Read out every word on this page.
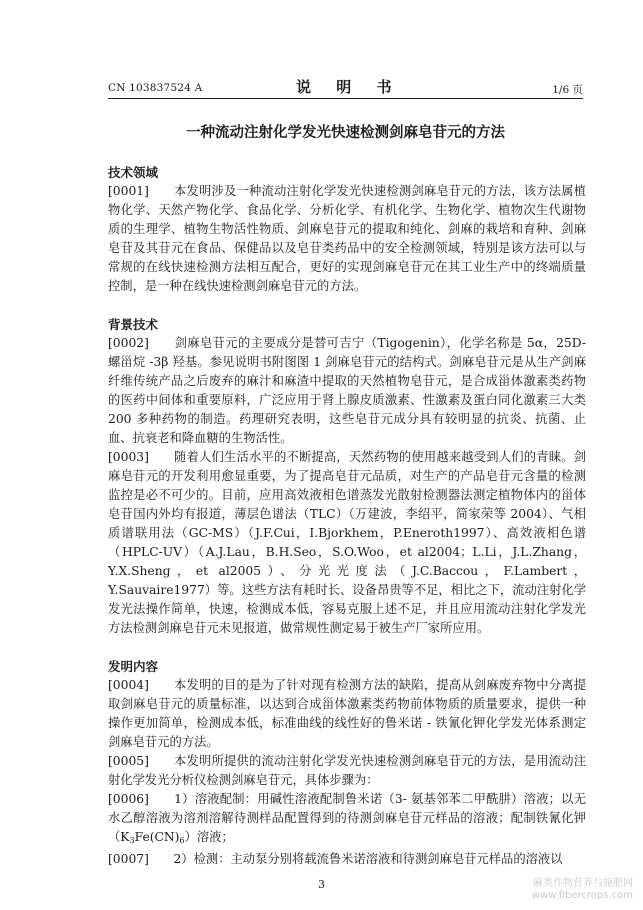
CN 103837524 A	说 明 书	1/6 页
一种流动注射化学发光快速检测剑麻皂苷元的方法

技术领域

[0001]　　本发明涉及一种流动注射化学发光快速检测剑麻皂苷元的方法，该方法属植物化学、天然产物化学、食品化学、分析化学、有机化学、生物化学、植物次生代谢物质的生理学、植物生物活性物质、剑麻皂苷元的提取和纯化、剑麻的栽培和育种、剑麻皂苷及其苷元在食品、保健品以及皂苷类药品中的安全检测领域，特别是该方法可以与常规的在线快速检测方法相互配合，更好的实现剑麻皂苷元在其工业生产中的终端质量控制，是一种在线快速检测剑麻皂苷元的方法。

背景技术

[0002]　　剑麻皂苷元的主要成分是替可吉宁（Tigogenin），化学名称是 5α，25D- 螺甾烷 -3β 羟基。参见说明书附图图 1 剑麻皂苷元的结构式。剑麻皂苷元是从生产剑麻纤维传统产品之后废弃的麻汁和麻渣中提取的天然植物皂苷元，是合成甾体激素类药物的医药中间体和重要原料，广泛应用于肾上腺皮质激素、性激素及蛋白同化激素三大类 200 多种药物的制造。药理研究表明，这些皂苷元成分具有较明显的抗炎、抗菌、止血、抗衰老和降血糖的生物活性。

[0003]　　随着人们生活水平的不断提高，天然药物的使用越来越受到人们的青睐。剑麻皂苷元的开发利用愈显重要，为了提高皂苷元品质，对生产的产品皂苷元含量的检测监控是必不可少的。目前，应用高效液相色谱蒸发光散射检测器法测定植物体内的甾体皂苷国内外均有报道，薄层色谱法（TLC）（万建波，李绍平，简家荣等 2004）、气相质谱联用法（GC-MS）（J.F.Cui，I.Bjorkhem，P.Eneroth1997）、高效液相色谱（HPLC-UV）（A.J.Lau，B.H.Seo，S.O.Woo，et al2004；L.Li，J.L.Zhang，Y.X.Sheng，et al2005）、分光光度法（J.C.Baccou，F.Lambert，Y.Sauvaire1977）等。这些方法有耗时长、设备昂贵等不足，相比之下，流动注射化学发光法操作简单，快速，检测成本低，容易克服上述不足，并且应用流动注射化学发光方法检测剑麻皂苷元未见报道，做常规性测定易于被生产厂家所应用。

发明内容

[0004]　　本发明的目的是为了针对现有检测方法的缺陷，提高从剑麻废弃物中分离提取剑麻皂苷元的质量标准，以达到合成甾体激素类药物前体物质的质量要求，提供一种操作更加简单，检测成本低，标准曲线的线性好的鲁米诺 - 铁氰化钾化学发光体系测定剑麻皂苷元的方法。

[0005]　　本发明所提供的流动注射化学发光快速检测剑麻皂苷元的方法，是用流动注射化学发光分析仪检测剑麻皂苷元，具体步骤为：

[0006]　　1）溶液配制：用碱性溶液配制鲁米诺（3- 氨基邻苯二甲酰肼）溶液；以无水乙醇溶液为溶剂溶解待测样品配置得到的待测剑麻皂苷元样品的溶液；配制铁氰化钾$(K_3Fe(CN)_6)$溶液；

[0007]　　2）检测：主动泵分别将载流鲁米诺溶液和待测剑麻皂苷元样品的溶液以

3	麻类作物营养与施肥网
www.fibercrops.com
